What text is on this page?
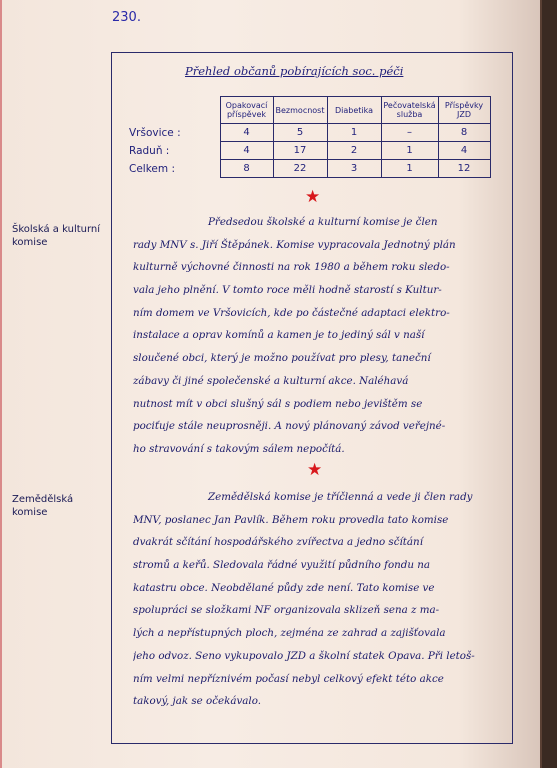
230.
Přehled občanů pobírajících soc. péči
	Opakovací příspěvek	Bezmocnost	Diabetika	Pečovatelská služba	Příspěvky JZD
Vršovice :	4	5	1	–	8
Raduň :	4	17	2	1	4
Celkem :	8	22	3	1	12
★
Školská a kulturní komise
Předsedou školské a kulturní komise je člen
rady MNV s. Jiří Štěpánek. Komise vypracovala Jednotný plán
kulturně výchovné činnosti na rok 1980 a během roku sledo-
vala jeho plnění. V tomto roce měli hodně starostí s Kultur-
ním domem ve Vršovicích, kde po částečné adaptaci elektro-
instalace a oprav komínů a kamen je to jediný sál v naší
sloučené obci, který je možno používat pro plesy, taneční
zábavy či jiné společenské a kulturní akce. Naléhavá
nutnost mít v obci slušný sál s podiem nebo jevištěm se
pociťuje stále neuprosněji. A nový plánovaný závod veřejné-
ho stravování s takovým sálem nepočítá.
★
Zemědělská komise
Zemědělská komise je tříčlenná a vede ji člen rady
MNV, poslanec Jan Pavlík. Během roku provedla tato komise
dvakrát sčítání hospodářského zvířectva a jedno sčítání
stromů a keřů. Sledovala řádné využití půdního fondu na
katastru obce. Neobdělané půdy zde není. Tato komise ve
spolupráci se složkami NF organizovala sklizeň sena z ma-
lých a nepřístupných ploch, zejména ze zahrad a zajišťovala
jeho odvoz. Seno vykupovalo JZD a školní statek Opava. Při letoš-
ním velmi nepříznivém počasí nebyl celkový efekt této akce
takový, jak se očekávalo.
